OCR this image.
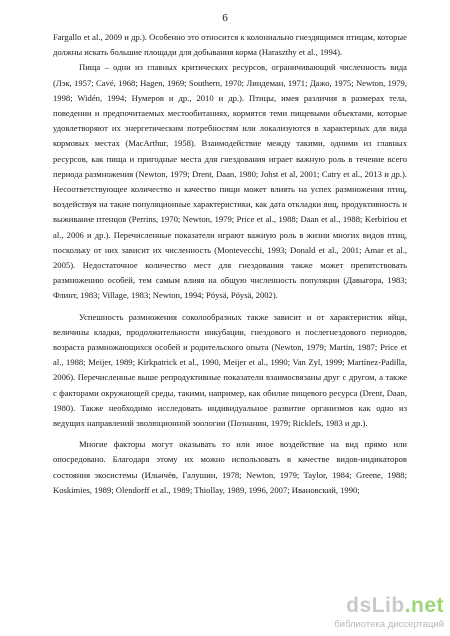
6

Fargallo et al., 2009 и др.). Особенно это относится к колониально гнездящимся птицам, которые должны искать большие площади для добывания корма (Haraszthy et al., 1994).

Пища – одни из главных критических ресурсов, ограничивающий численность вида (Лэк, 1957; Cavé, 1968; Hagen, 1969; Southern, 1970; Линдеман, 1971; Дажо, 1975; Newton, 1979, 1998; Widén, 1994; Нумеров и др., 2010 и др.). Птицы, имея различия в размерах тела, поведении и предпочитаемых местообитаниях, кормятся теми пищевыми объектами, которые удовлетворяют их энергетическим потребностям или локализуются в характерных для вида кормовых местах (MacArthur, 1958). Взаимодействие между такими, одними из главных ресурсов, как пища и пригодные места для гнездования играет важную роль в течение всего периода размножения (Newton, 1979; Drent, Daan, 1980; Johst et al, 2001; Catry et al., 2013 и др.). Несоответствующее количество и качество пищи может влиять на успех размножения птиц, воздействуя на такие популяционные характеристики, как дата откладки яиц, продуктивность и выживание птенцов (Perrins, 1970; Newton, 1979; Price et al., 1988; Daan et al., 1988; Kerbiriou et al., 2006 и др.). Перечисленные показатели играют важную роль в жизни многих видов птиц, поскольку от них зависит их численность (Montevecchi, 1993; Donald et al., 2001; Amar et al., 2005). Недостаточное количество мест для гнездования также может препятствовать размножению особей, тем самым влияя на общую численность популяции (Давыгора, 1983; Флинт, 1983; Village, 1983; Newton, 1994; Pöysä, Pöysä, 2002).

Успешность размножения соколообразных также зависит и от характеристик яйца, величины кладки, продолжительности инкубации, гнездового и послегнездового периодов, возраста размножающихся особей и родительского опыта (Newton, 1979; Martin, 1987; Price et al., 1988; Meijer, 1989; Kirkpatrick et al., 1990, Meijer et al., 1990; Van Zyl, 1999; Martínez-Padilla, 2006). Перечисленные выше репродуктивные показатели взаимосвязаны друг с другом, а также с факторами окружающей среды, такими, например, как обилие пищевого ресурса (Drent, Daan, 1980). Также необходимо исследовать индивидуальное развитие организмов как одно из ведущих направлений эволюционной зоологии (Познанин, 1979; Ricklefs, 1983 и др.).

Многие факторы могут оказывать то или иное воздействие на вид прямо или опосредовано. Благодаря этому их можно использовать в качестве видов-индикаторов состояния экосистемы (Ильичёв, Галушин, 1978; Newton, 1979; Taylor, 1984; Greene, 1988; Koskimies, 1989; Olendorff et al., 1989; Thiollay, 1989, 1996, 2007; Ивановский, 1990;

dsLib.net
библиотека диссертаций
